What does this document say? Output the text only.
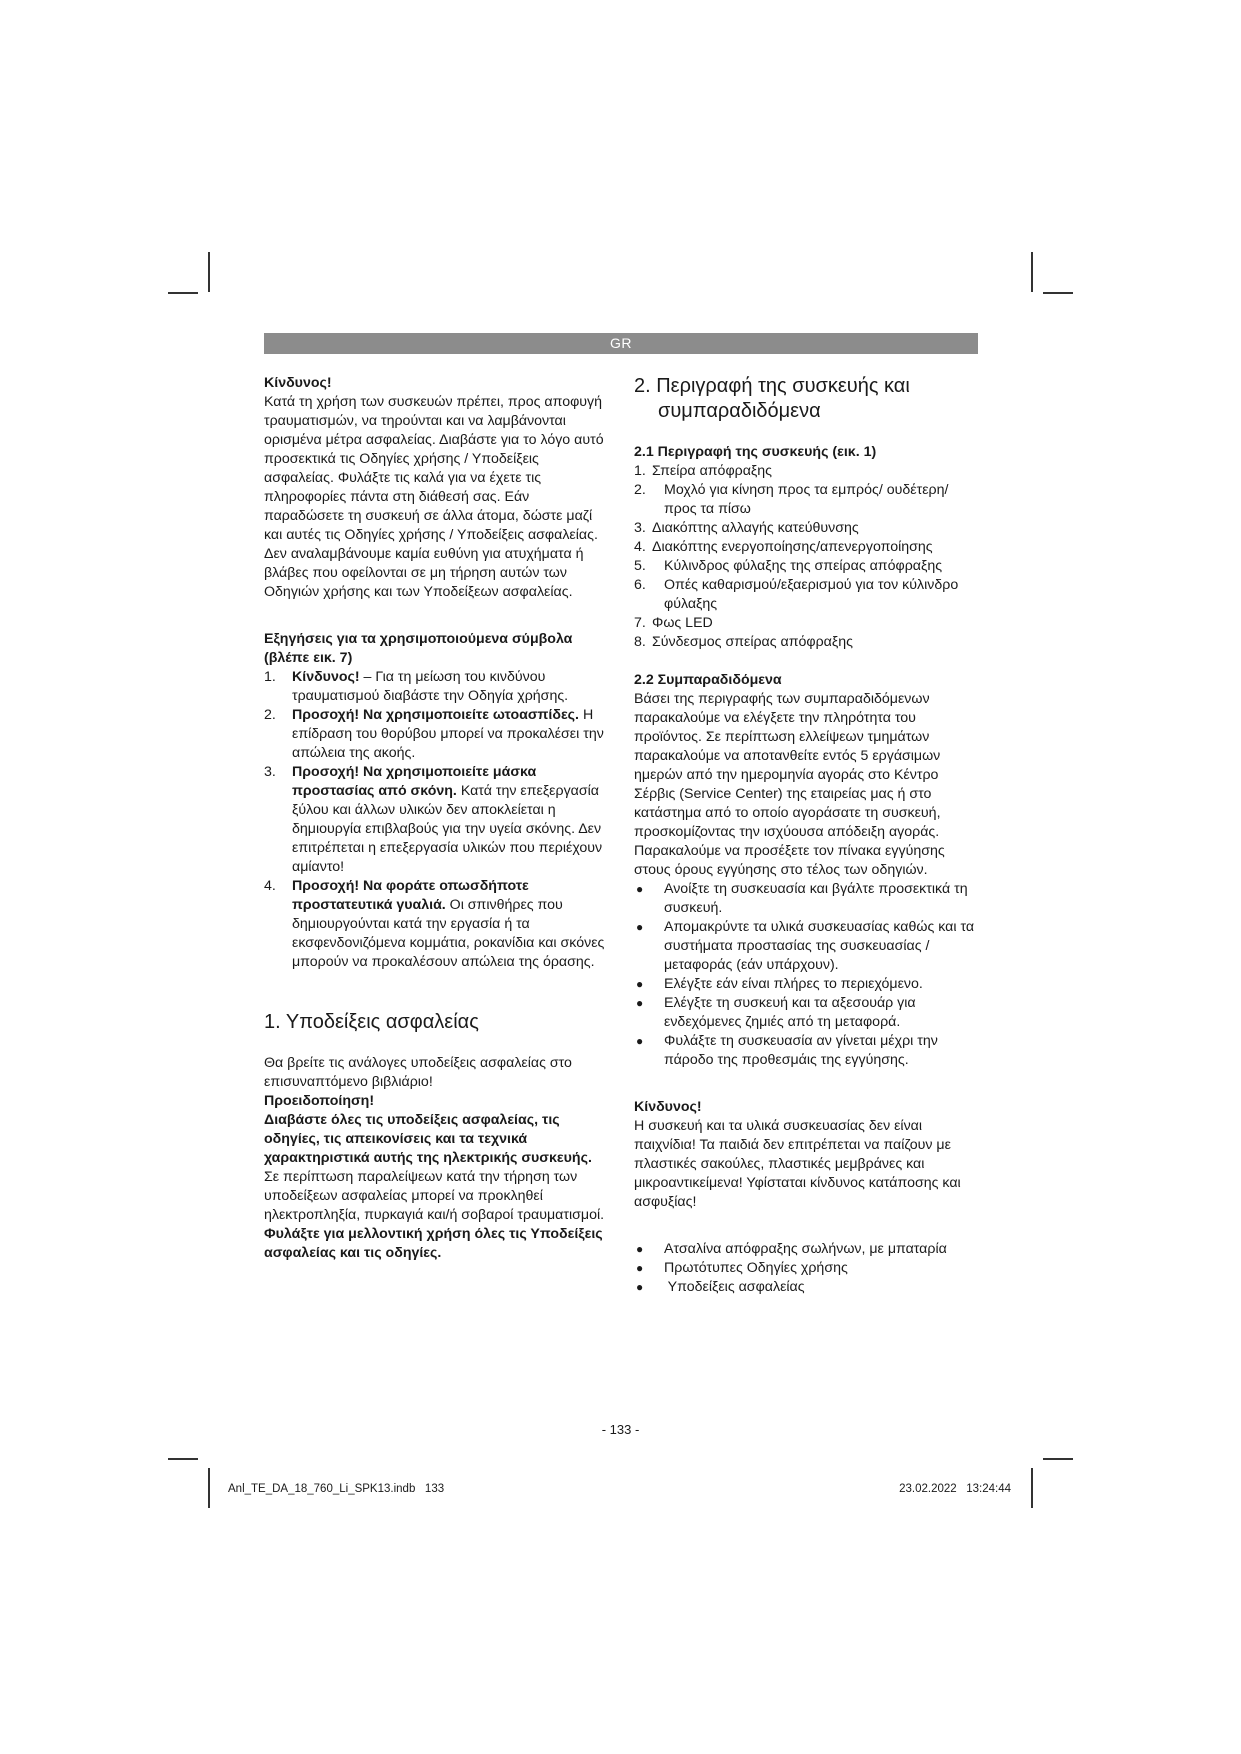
GR

Κίνδυνος!

Κατά τη χρήση των συσκευών πρέπει, προς αποφυγή τραυματισμών, να τηρούνται και να λαμβάνονται ορισμένα μέτρα ασφαλείας. Διαβάστε για το λόγο αυτό προσεκτικά τις Οδηγίες χρήσης / Υποδείξεις ασφαλείας. Φυλάξτε τις καλά για να έχετε τις πληροφορίες πάντα στη διάθεσή σας. Εάν παραδώσετε τη συσκευή σε άλλα άτομα, δώστε μαζί και αυτές τις Οδηγίες χρήσης / Υποδείξεις ασφαλείας. Δεν αναλαμβάνουμε καμία ευθύνη για ατυχήματα ή βλάβες που οφείλονται σε μη τήρηση αυτών των Οδηγιών χρήσης και των Υποδείξεων ασφαλείας.

Εξηγήσεις για τα χρησιμοποιούμενα σύμβολα (βλέπε εικ. 7)

1. Κίνδυνος! – Για τη μείωση του κινδύνου τραυματισμού διαβάστε την Οδηγία χρήσης.
2. Προσοχή! Να χρησιμοποιείτε ωτοασπίδες. Η επίδραση του θορύβου μπορεί να προκαλέσει την απώλεια της ακοής.
3. Προσοχή! Να χρησιμοποιείτε μάσκα προστασίας από σκόνη. Κατά την επεξεργασία ξύλου και άλλων υλικών δεν αποκλείεται η δημιουργία επιβλαβούς για την υγεία σκόνης. Δεν επιτρέπεται η επεξεργασία υλικών που περιέχουν αμίαντο!
4. Προσοχή! Να φοράτε οπωσδήποτε προστατευτικά γυαλιά. Οι σπινθήρες που δημιουργούνται κατά την εργασία ή τα εκσφενδονιζόμενα κομμάτια, ροκανίδια και σκόνες μπορούν να προκαλέσουν απώλεια της όρασης.

1. Υποδείξεις ασφαλείας

Θα βρείτε τις ανάλογες υποδείξεις ασφαλείας στο επισυναπτόμενο βιβλιάριο!

Προειδοποίηση!

Διαβάστε όλες τις υποδείξεις ασφαλείας, τις οδηγίες, τις απεικονίσεις και τα τεχνικά χαρακτηριστικά αυτής της ηλεκτρικής συσκευής. Σε περίπτωση παραλείψεων κατά την τήρηση των υποδείξεων ασφαλείας μπορεί να προκληθεί ηλεκτροπληξία, πυρκαγιά και/ή σοβαροί τραυματισμοί.

Φυλάξτε για μελλοντική χρήση όλες τις Υποδείξεις ασφαλείας και τις οδηγίες.

2. Περιγραφή της συσκευής και
συμπαραδιδόμενα

2.1 Περιγραφή της συσκευής (εικ. 1)

1. Σπείρα απόφραξης
2. Μοχλό για κίνηση προς τα εμπρός/ ουδέτερη/προς τα πίσω
3. Διακόπτης αλλαγής κατεύθυνσης
4. Διακόπτης ενεργοποίησης/απενεργοποίησης
5. Κύλινδρος φύλαξης της σπείρας απόφραξης
6. Οπές καθαρισμού/εξαερισμού για τον κύλινδρο φύλαξης
7. Φως LED
8. Σύνδεσμος σπείρας απόφραξης

2.2 Συμπαραδιδόμενα

Βάσει της περιγραφής των συμπαραδιδόμενων παρακαλούμε να ελέγξετε την πληρότητα του προϊόντος. Σε περίπτωση ελλείψεων τμημάτων παρακαλούμε να αποτανθείτε εντός 5 εργάσιμων ημερών από την ημερομηνία αγοράς στο Κέντρο Σέρβις (Service Center) της εταιρείας μας ή στο κατάστημα από το οποίο αγοράσατε τη συσκευή, προσκομίζοντας την ισχύουσα απόδειξη αγοράς. Παρακαλούμε να προσέξετε τον πίνακα εγγύησης στους όρους εγγύησης στο τέλος των οδηγιών.

● Ανοίξτε τη συσκευασία και βγάλτε προσεκτικά τη συσκευή.
● Απομακρύντε τα υλικά συσκευασίας καθώς και τα συστήματα προστασίας της συσκευασίας / μεταφοράς (εάν υπάρχουν).
● Ελέγξτε εάν είναι πλήρες το περιεχόμενο.
● Ελέγξτε τη συσκευή και τα αξεσουάρ για ενδεχόμενες ζημιές από τη μεταφορά.
● Φυλάξτε τη συσκευασία αν γίνεται μέχρι την πάροδο της προθεσμάις της εγγύησης.

Κίνδυνος!

Η συσκευή και τα υλικά συσκευασίας δεν είναι παιχνίδια! Τα παιδιά δεν επιτρέπεται να παίζουν με πλαστικές σακούλες, πλαστικές μεμβράνες και μικροαντικείμενα! Υφίσταται κίνδυνος κατάποσης και ασφυξίας!

● Ατσαλίνα απόφραξης σωλήνων, με μπαταρία
● Πρωτότυπες Οδηγίες χρήσης
● Υποδείξεις ασφαλείας
- 133 -
Anl_TE_DA_18_760_Li_SPK13.indb   133	23.02.2022   13:24:44
